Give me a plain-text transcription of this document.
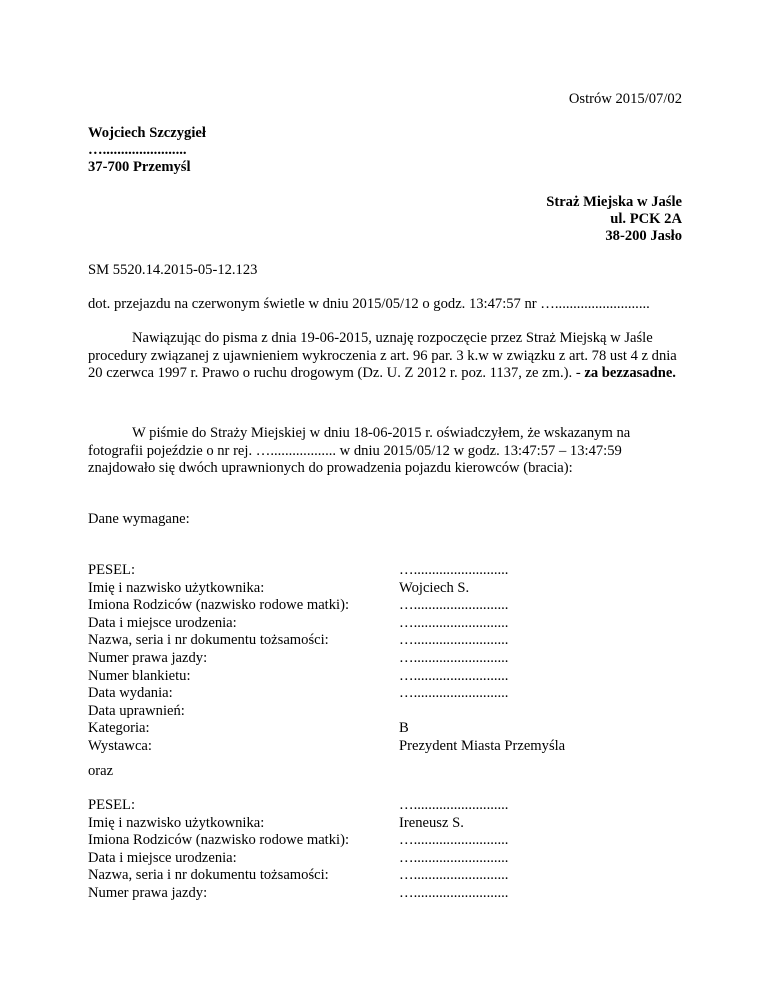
Ostrów 2015/07/02
Wojciech Szczygieł
….......................
37-700 Przemyśl
Straż Miejska w Jaśle
ul. PCK 2A
38-200 Jasło
SM 5520.14.2015-05-12.123
dot. przejazdu na czerwonym świetle w dniu 2015/05/12 o godz. 13:47:57 nr …..........................
Nawiązując do pisma z dnia 19-06-2015, uznaję rozpoczęcie przez Straż Miejską w Jaśle procedury związanej z ujawnieniem wykroczenia z art. 96 par. 3 k.w w związku z art. 78 ust 4 z dnia 20 czerwca 1997 r. Prawo o ruchu drogowym (Dz. U. Z 2012 r. poz. 1137, ze zm.). - za bezzasadne.
W piśmie do Straży Miejskiej w dniu 18-06-2015 r. oświadczyłem, że wskazanym na fotografii pojeździe o nr rej. ….................. w dniu 2015/05/12 w godz. 13:47:57 – 13:47:59 znajdowało się dwóch uprawnionych do prowadzenia pojazdu kierowców (bracia):
Dane wymagane:
PESEL:	…..........................
Imię i nazwisko użytkownika:	Wojciech S.
Imiona Rodziców (nazwisko rodowe matki):	…..........................
Data i miejsce urodzenia:	…..........................
Nazwa, seria i nr dokumentu tożsamości:	…..........................
Numer prawa jazdy:	…..........................
Numer blankietu:	…..........................
Data wydania:	…..........................
Data uprawnień:
Kategoria:	B
Wystawca:	Prezydent Miasta Przemyśla
oraz
PESEL:	…..........................
Imię i nazwisko użytkownika:	Ireneusz S.
Imiona Rodziców (nazwisko rodowe matki):	…..........................
Data i miejsce urodzenia:	…..........................
Nazwa, seria i nr dokumentu tożsamości:	…..........................
Numer prawa jazdy:	…..........................
